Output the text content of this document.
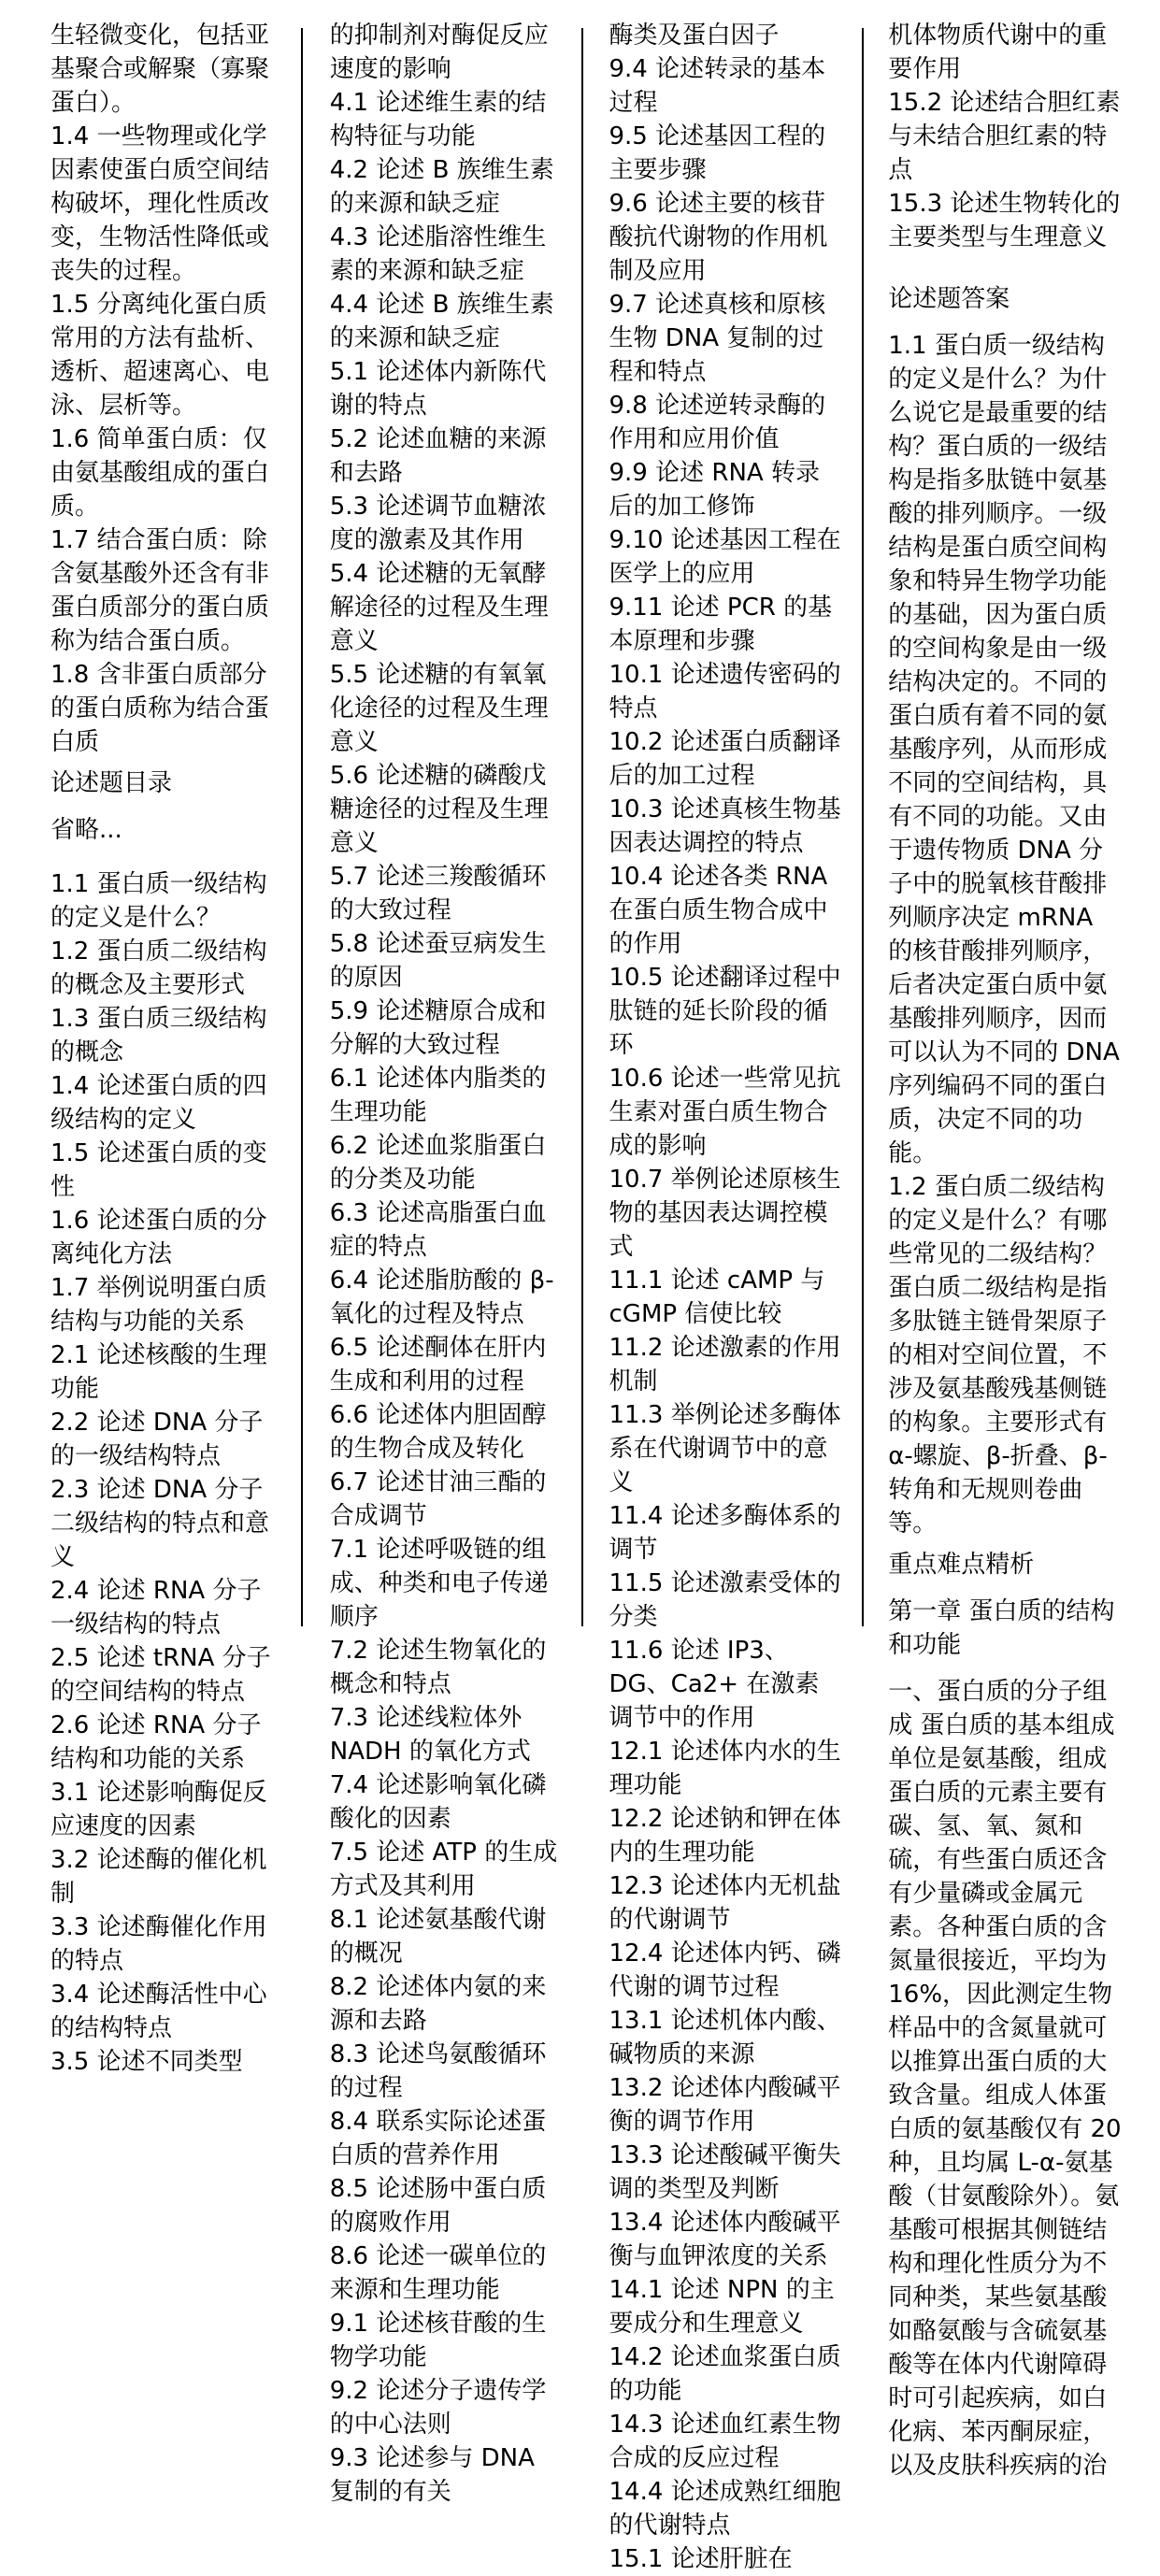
生轻微变化，包括亚基聚合或解聚（寡聚蛋白）。
1.4 一些物理或化学因素使蛋白质空间结构破坏，理化性质改变，生物活性降低或丧失的过程。
1.5 分离纯化蛋白质常用的方法有盐析、透析、超速离心、电泳、层析等。
1.6 简单蛋白质：仅由氨基酸组成的蛋白质。
1.7 结合蛋白质：除含氨基酸外还含有非蛋白质部分的蛋白质称为结合蛋白质。
1.8 含非蛋白质部分的蛋白质称为结合蛋白质
论述题目录
省略...
1.1 蛋白质一级结构的定义是什么？
1.2 蛋白质二级结构的概念及主要形式
1.3 蛋白质三级结构的概念
1.4 论述蛋白质的四级结构的定义
1.5 论述蛋白质的变性
1.6 论述蛋白质的分离纯化方法
1.7 举例说明蛋白质结构与功能的关系
2.1 论述核酸的生理功能
2.2 论述 DNA 分子的一级结构特点
2.3 论述 DNA 分子二级结构的特点和意义
2.4 论述 RNA 分子一级结构的特点
2.5 论述 tRNA 分子的空间结构的特点
2.6 论述 RNA 分子结构和功能的关系
3.1 论述影响酶促反应速度的因素
3.2 论述酶的催化机制
3.3 论述酶催化作用的特点
3.4 论述酶活性中心的结构特点
3.5 论述不同类型
的抑制剂对酶促反应速度的影响
4.1 论述维生素的结构特征与功能
4.2 论述 B 族维生素的来源和缺乏症
4.3 论述脂溶性维生素的来源和缺乏症
4.4 论述 B 族维生素的来源和缺乏症
5.1 论述体内新陈代谢的特点
5.2 论述血糖的来源和去路
5.3 论述调节血糖浓度的激素及其作用
5.4 论述糖的无氧酵解途径的过程及生理意义
5.5 论述糖的有氧氧化途径的过程及生理意义
5.6 论述糖的磷酸戊糖途径的过程及生理意义
5.7 论述三羧酸循环的大致过程
5.8 论述蚕豆病发生的原因
5.9 论述糖原合成和分解的大致过程
6.1 论述体内脂类的生理功能
6.2 论述血浆脂蛋白的分类及功能
6.3 论述高脂蛋白血症的特点
6.4 论述脂肪酸的 β-氧化的过程及特点
6.5 论述酮体在肝内生成和利用的过程
6.6 论述体内胆固醇的生物合成及转化
6.7 论述甘油三酯的合成调节
7.1 论述呼吸链的组成、种类和电子传递顺序
7.2 论述生物氧化的概念和特点
7.3 论述线粒体外 NADH 的氧化方式
7.4 论述影响氧化磷酸化的因素
7.5 论述 ATP 的生成方式及其利用
8.1 论述氨基酸代谢的概况
8.2 论述体内氨的来源和去路
8.3 论述鸟氨酸循环的过程
8.4 联系实际论述蛋白质的营养作用
8.5 论述肠中蛋白质的腐败作用
8.6 论述一碳单位的来源和生理功能
9.1 论述核苷酸的生物学功能
9.2 论述分子遗传学的中心法则
9.3 论述参与 DNA 复制的有关
酶类及蛋白因子
9.4 论述转录的基本过程
9.5 论述基因工程的主要步骤
9.6 论述主要的核苷酸抗代谢物的作用机制及应用
9.7 论述真核和原核生物 DNA 复制的过程和特点
9.8 论述逆转录酶的作用和应用价值
9.9 论述 RNA 转录后的加工修饰
9.10 论述基因工程在医学上的应用
9.11 论述 PCR 的基本原理和步骤
10.1 论述遗传密码的特点
10.2 论述蛋白质翻译后的加工过程
10.3 论述真核生物基因表达调控的特点
10.4 论述各类 RNA 在蛋白质生物合成中的作用
10.5 论述翻译过程中肽链的延长阶段的循环
10.6 论述一些常见抗生素对蛋白质生物合成的影响
10.7 举例论述原核生物的基因表达调控模式
11.1 论述 cAMP 与 cGMP 信使比较
11.2 论述激素的作用机制
11.3 举例论述多酶体系在代谢调节中的意义
11.4 论述多酶体系的调节
11.5 论述激素受体的分类
11.6 论述 IP3、DG、Ca2+ 在激素调节中的作用
12.1 论述体内水的生理功能
12.2 论述钠和钾在体内的生理功能
12.3 论述体内无机盐的代谢调节
12.4 论述体内钙、磷代谢的调节过程
13.1 论述机体内酸、碱物质的来源
13.2 论述体内酸碱平衡的调节作用
13.3 论述酸碱平衡失调的类型及判断
13.4 论述体内酸碱平衡与血钾浓度的关系
14.1 论述 NPN 的主要成分和生理意义
14.2 论述血浆蛋白质的功能
14.3 论述血红素生物合成的反应过程
14.4 论述成熟红细胞的代谢特点
15.1 论述肝脏在
机体物质代谢中的重要作用
15.2 论述结合胆红素与未结合胆红素的特点
15.3 论述生物转化的主要类型与生理意义
论述题答案
1.1 蛋白质一级结构的定义是什么？为什么说它是最重要的结构？蛋白质的一级结构是指多肽链中氨基酸的排列顺序。一级结构是蛋白质空间构象和特异生物学功能的基础，因为蛋白质的空间构象是由一级结构决定的。不同的蛋白质有着不同的氨基酸序列，从而形成不同的空间结构，具有不同的功能。又由于遗传物质 DNA 分子中的脱氧核苷酸排列顺序决定 mRNA 的核苷酸排列顺序，后者决定蛋白质中氨基酸排列顺序，因而可以认为不同的 DNA 序列编码不同的蛋白质，决定不同的功能。
1.2 蛋白质二级结构的定义是什么？有哪些常见的二级结构？蛋白质二级结构是指多肽链主链骨架原子的相对空间位置，不涉及氨基酸残基侧链的构象。主要形式有 α-螺旋、β-折叠、β-转角和无规则卷曲等。
重点难点精析
第一章 蛋白质的结构和功能
一、蛋白质的分子组成 蛋白质的基本组成单位是氨基酸，组成蛋白质的元素主要有碳、氢、氧、氮和硫，有些蛋白质还含有少量磷或金属元素。各种蛋白质的含氮量很接近，平均为 16%，因此测定生物样品中的含氮量就可以推算出蛋白质的大致含量。组成人体蛋白质的氨基酸仅有 20 种，且均属 L-α-氨基酸（甘氨酸除外）。氨基酸可根据其侧链结构和理化性质分为不同种类，某些氨基酸如酪氨酸与含硫氨基酸等在体内代谢障碍时可引起疾病，如白化病、苯丙酮尿症，以及皮肤科疾病的治
